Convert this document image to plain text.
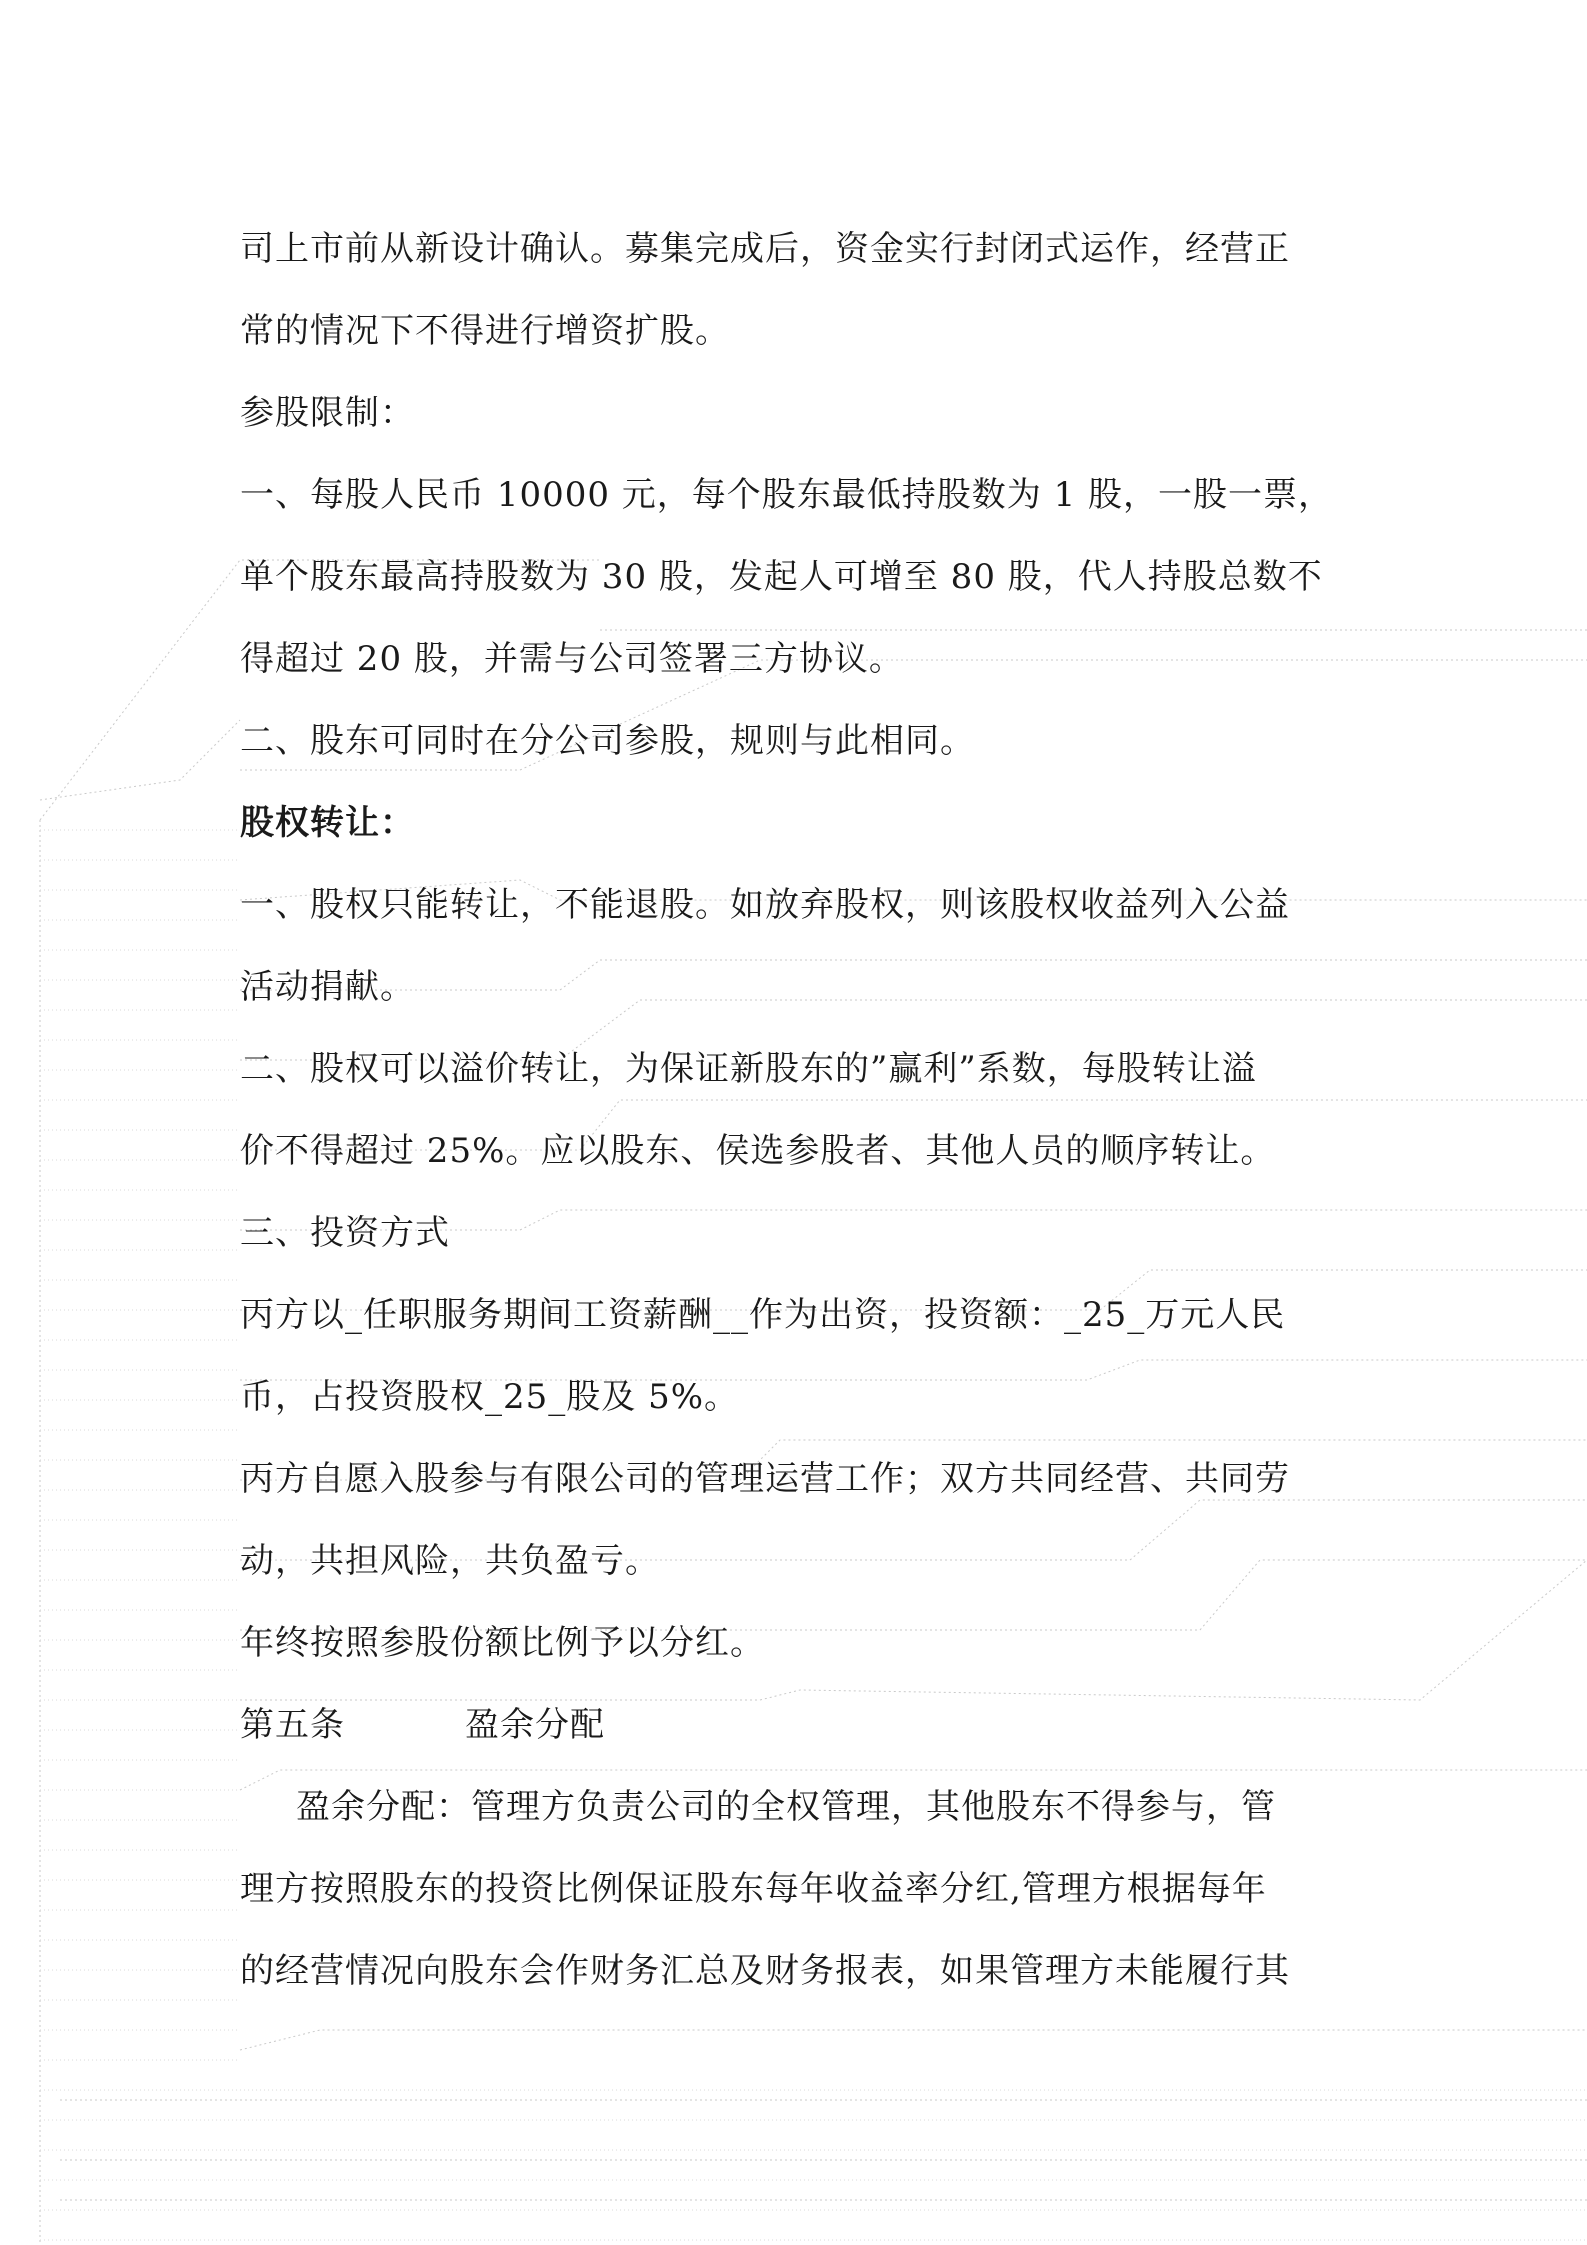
司上市前从新设计确认。募集完成后，资金实行封闭式运作，经营正
常的情况下不得进行增资扩股。
参股限制：
一、每股人民币 10000 元，每个股东最低持股数为 1 股，一股一票，
单个股东最高持股数为 30 股，发起人可增至 80 股，代人持股总数不
得超过 20 股，并需与公司签署三方协议。
二、股东可同时在分公司参股，规则与此相同。
股权转让：
一、股权只能转让，不能退股。如放弃股权，则该股权收益列入公益
活动捐献。
二、股权可以溢价转让，为保证新股东的”赢利”系数，每股转让溢
价不得超过 25%。应以股东、侯选参股者、其他人员的顺序转让。
三、投资方式
丙方以_任职服务期间工资薪酬__作为出资，投资额：_25_万元人民
币，占投资股权_25_股及 5%。
丙方自愿入股参与有限公司的管理运营工作；双方共同经营、共同劳
动，共担风险，共负盈亏。
年终按照参股份额比例予以分红。
第五条	盈余分配
盈余分配：管理方负责公司的全权管理，其他股东不得参与，管
理方按照股东的投资比例保证股东每年收益率分红,管理方根据每年
的经营情况向股东会作财务汇总及财务报表，如果管理方未能履行其
